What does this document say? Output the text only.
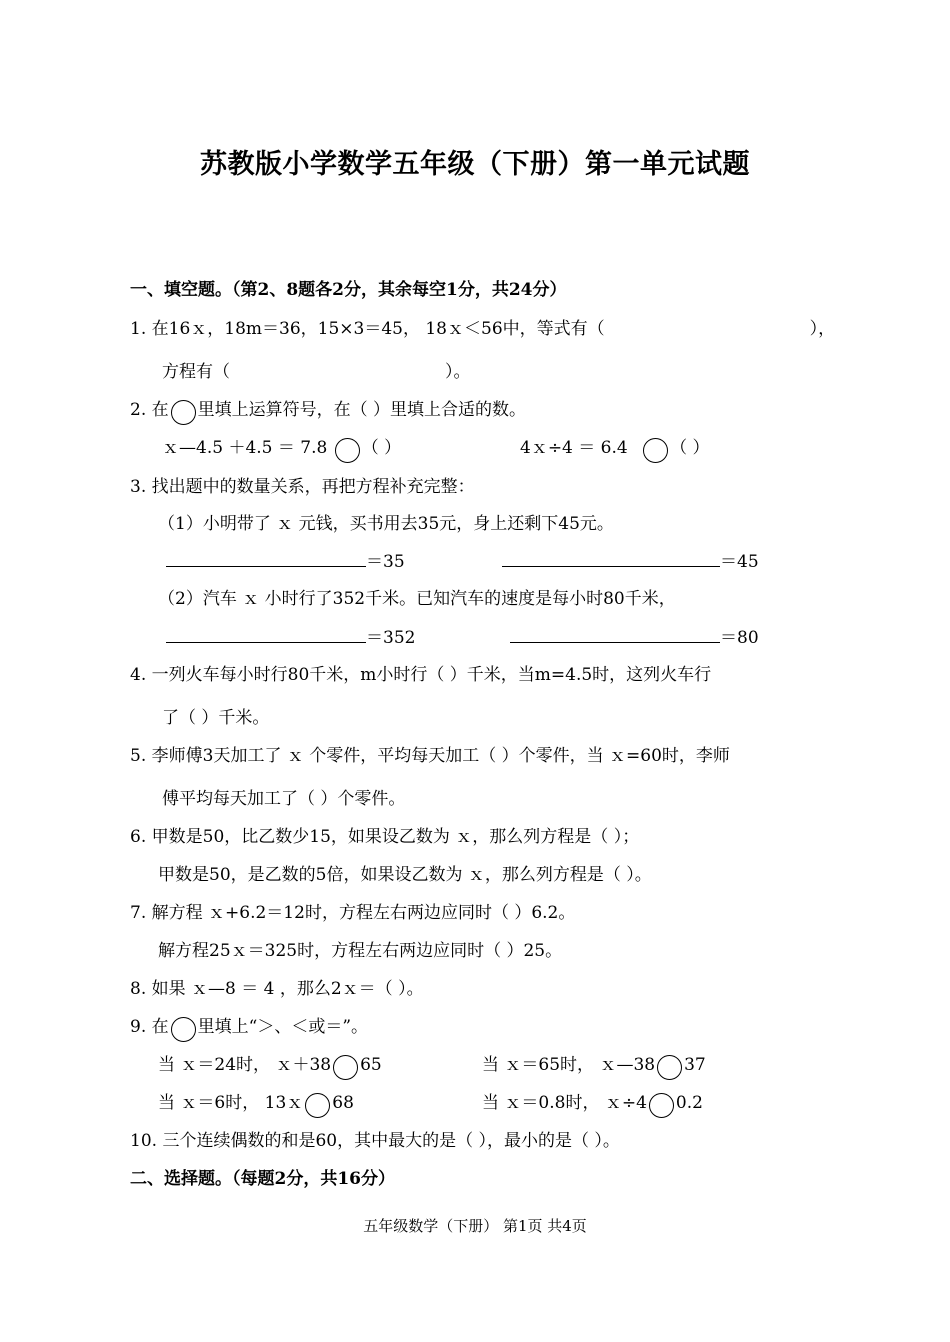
苏教版小学数学五年级（下册）第一单元试题
一、填空题。（第2、8题各2分，其余每空1分，共24分）
1. 在16ｘ，18m＝36，15×3＝45， 18ｘ＜56中，等式有（	），
方程有（	）。
2. 在 里填上运算符号，在（ ）里填上合适的数。
ｘ—4.5 ＋4.5 ＝ 7.8 （ ）	4ｘ÷4 ＝ 6.4 （ ）
3. 找出题中的数量关系，再把方程补充完整：
（1）小明带了 ｘ 元钱，买书用去35元，身上还剩下45元。
＝35	＝45
（2）汽车 ｘ 小时行了352千米。已知汽车的速度是每小时80千米，
＝352	＝80
4. 一列火车每小时行80千米，m小时行（ ）千米，当m=4.5时，这列火车行
了（ ）千米。
5. 李师傅3天加工了 ｘ 个零件，平均每天加工（ ）个零件，当 ｘ=60时，李师
傅平均每天加工了（ ）个零件。
6. 甲数是50，比乙数少15，如果设乙数为 ｘ，那么列方程是（ ）；
甲数是50，是乙数的5倍，如果设乙数为 ｘ，那么列方程是（ ）。
7. 解方程 ｘ+6.2＝12时，方程左右两边应同时（ ）6.2。
解方程25ｘ＝325时，方程左右两边应同时（ ）25。
8. 如果 ｘ—8 ＝ 4 ，那么2ｘ＝（ ）。
9. 在 里填上“＞、＜或＝”。
当 ｘ＝24时， ｘ＋38 65	当 ｘ＝65时， ｘ—38 37
当 ｘ＝6时， 13ｘ 68	当 ｘ＝0.8时， ｘ÷4 0.2
10. 三个连续偶数的和是60，其中最大的是（ ），最小的是（ ）。
二、选择题。（每题2分，共16分）
五年级数学（下册） 第1页 共4页
